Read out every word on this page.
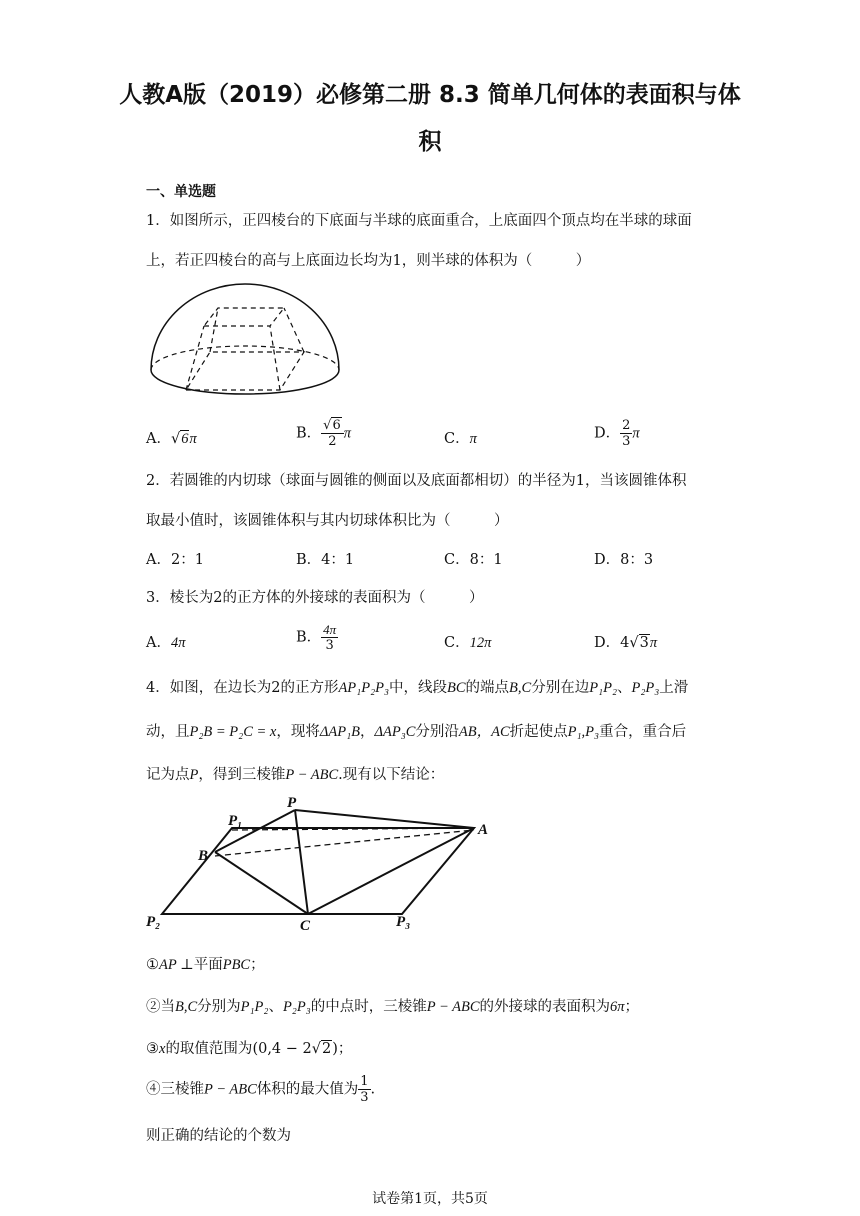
人教A版（2019）必修第二册 8.3 简单几何体的表面积与体
积
一、单选题
1．如图所示，正四棱台的下底面与半球的底面重合，上底面四个顶点均在半球的球面
上，若正四棱台的高与上底面边长均为1，则半球的体积为（　　　）
A．√6π	B． $\frac{√6}{2}$ π	C．π	D． $\frac{2}{3}$ π
2．若圆锥的内切球（球面与圆锥的侧面以及底面都相切）的半径为1，当该圆锥体积
取最小值时，该圆锥体积与其内切球体积比为（　　　）
A．2：1	B．4：1	C．8：1	D．8：3
3．棱长为2的正方体的外接球的表面积为（　　　）
A．4π	B． $\frac{4\pi}{3}$	C．12π	D．4√3π
4．如图，在边长为2的正方形AP₁P₂P₃中，线段BC的端点B,C分别在边P₁P₂、P₂P₃上滑
动，且P₂B = P₂C = x，现将ΔAP₁B，ΔAP₃C分别沿AB，AC折起使点P₁,P₃重合，重合后
记为点P，得到三棱锥P − ABC.现有以下结论：
P
P₁
A
B
P₂	C	P₃
①AP ⊥平面PBC；
②当B,C分别为P₁P₂、P₂P₃的中点时，三棱锥P − ABC的外接球的表面积为6π；
③x的取值范围为(0,4 − 2√2)；
④三棱锥P − ABC体积的最大值为 $\frac{1}{3}$ .
则正确的结论的个数为
试卷第1页，共5页
